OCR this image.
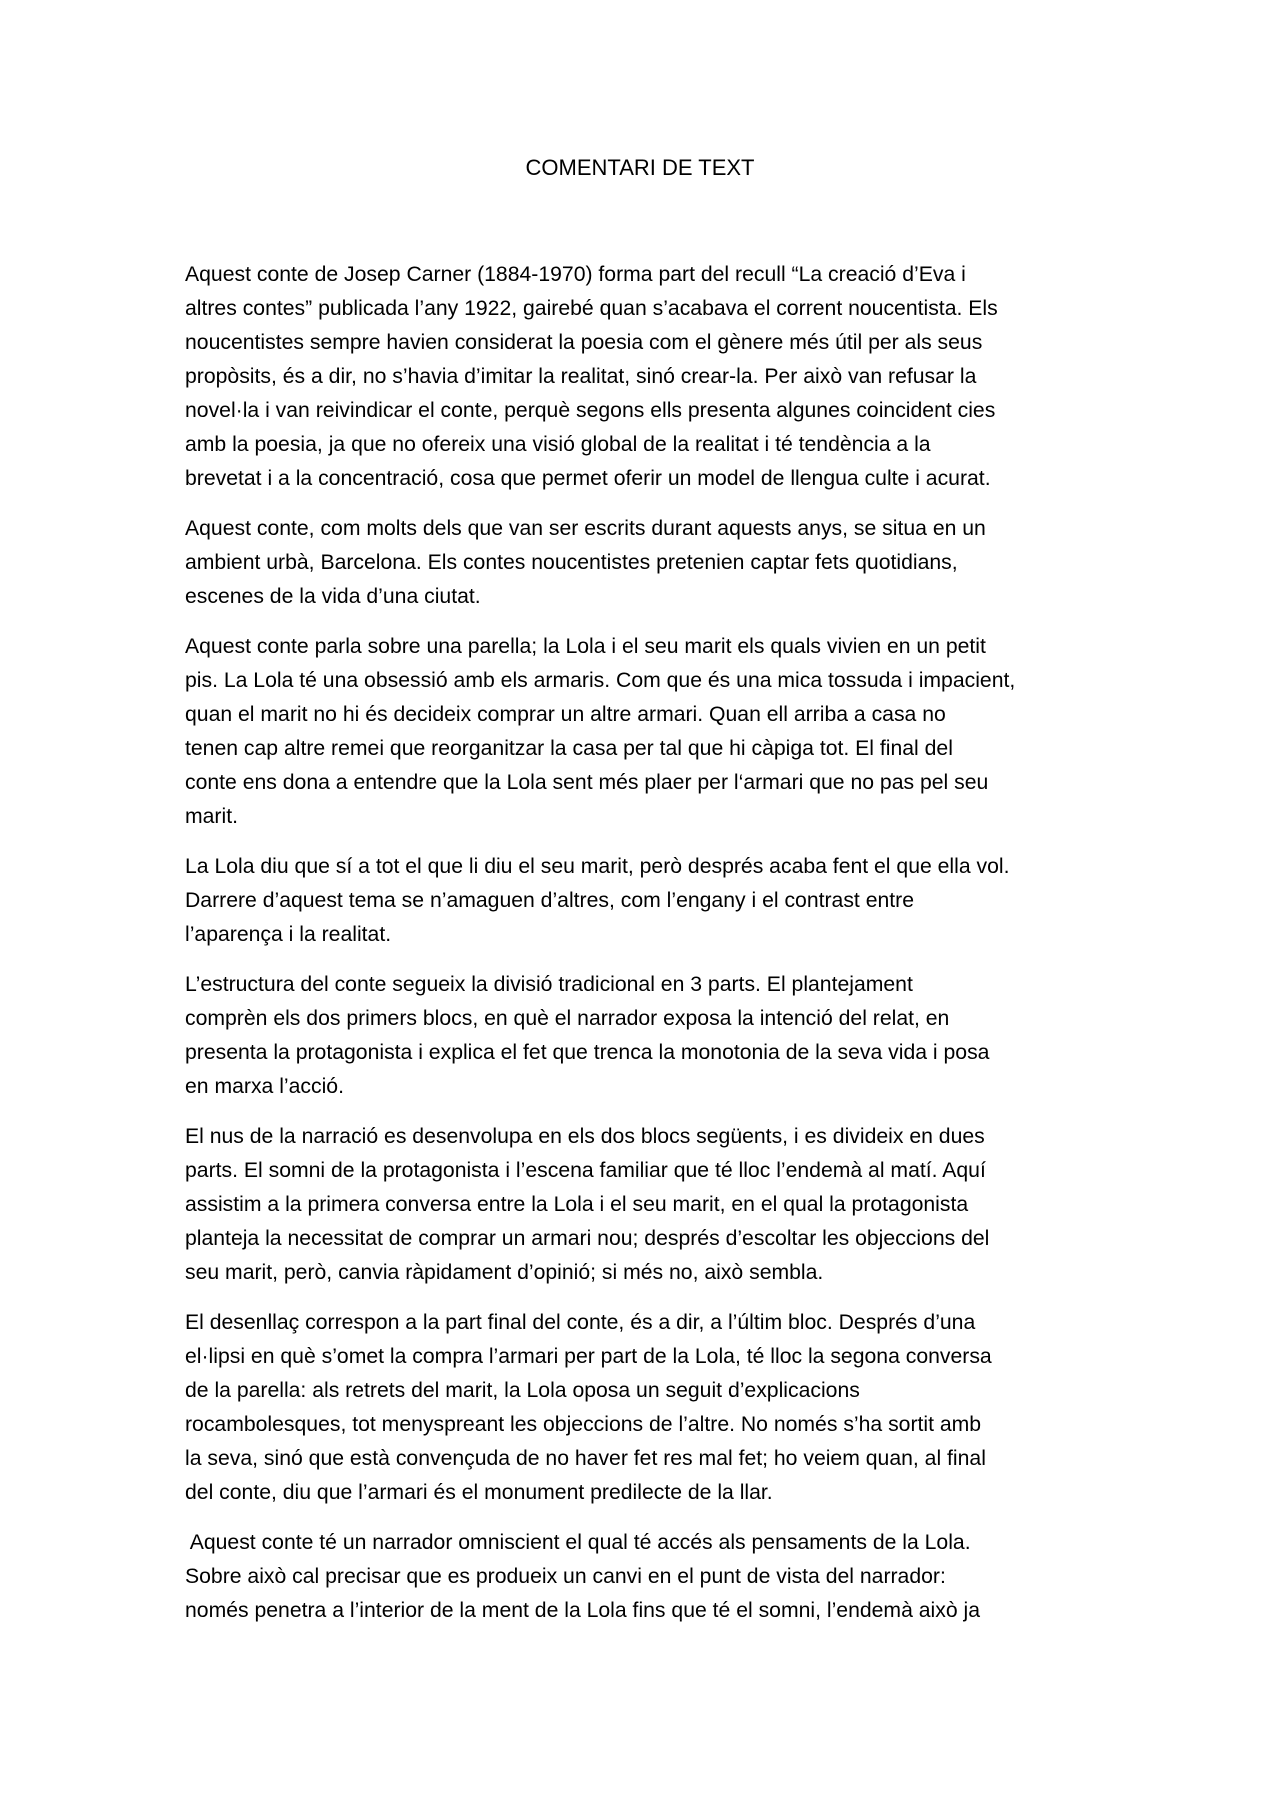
COMENTARI DE TEXT

Aquest conte de Josep Carner (1884-1970) forma part del recull “La creació d’Eva i
altres contes” publicada l’any 1922, gairebé quan s’acabava el corrent noucentista. Els
noucentistes sempre havien considerat la poesia com el gènere més útil per als seus
propòsits, és a dir, no s’havia d’imitar la realitat, sinó crear-la. Per això van refusar la
novel·la i van reivindicar el conte, perquè segons ells presenta algunes coincident cies
amb la poesia, ja que no ofereix una visió global de la realitat i té tendència a la
brevetat i a la concentració, cosa que permet oferir un model de llengua culte i acurat.

Aquest conte, com molts dels que van ser escrits durant aquests anys, se situa en un
ambient urbà, Barcelona. Els contes noucentistes pretenien captar fets quotidians,
escenes de la vida d’una ciutat.

Aquest conte parla sobre una parella; la Lola i el seu marit els quals vivien en un petit
pis. La Lola té una obsessió amb els armaris. Com que és una mica tossuda i impacient,
quan el marit no hi és decideix comprar un altre armari. Quan ell arriba a casa no
tenen cap altre remei que reorganitzar la casa per tal que hi càpiga tot. El final del
conte ens dona a entendre que la Lola sent més plaer per l‘armari que no pas pel seu
marit.

La Lola diu que sí a tot el que li diu el seu marit, però després acaba fent el que ella vol.
Darrere d’aquest tema se n’amaguen d’altres, com l’engany i el contrast entre
l’aparença i la realitat.

L’estructura del conte segueix la divisió tradicional en 3 parts. El plantejament
comprèn els dos primers blocs, en què el narrador exposa la intenció del relat, en
presenta la protagonista i explica el fet que trenca la monotonia de la seva vida i posa
en marxa l’acció.

El nus de la narració es desenvolupa en els dos blocs següents, i es divideix en dues
parts. El somni de la protagonista i l’escena familiar que té lloc l’endemà al matí. Aquí
assistim a la primera conversa entre la Lola i el seu marit, en el qual la protagonista
planteja la necessitat de comprar un armari nou; després d’escoltar les objeccions del
seu marit, però, canvia ràpidament d’opinió; si més no, això sembla.

El desenllaç correspon a la part final del conte, és a dir, a l’últim bloc. Després d’una
el·lipsi en què s’omet la compra l’armari per part de la Lola, té lloc la segona conversa
de la parella: als retrets del marit, la Lola oposa un seguit d’explicacions
rocambolesques, tot menyspreant les objeccions de l’altre. No només s’ha sortit amb
la seva, sinó que està convençuda de no haver fet res mal fet; ho veiem quan, al final
del conte, diu que l’armari és el monument predilecte de la llar.

Aquest conte té un narrador omniscient el qual té accés als pensaments de la Lola.
Sobre això cal precisar que es produeix un canvi en el punt de vista del narrador:
només penetra a l’interior de la ment de la Lola fins que té el somni, l’endemà això ja
